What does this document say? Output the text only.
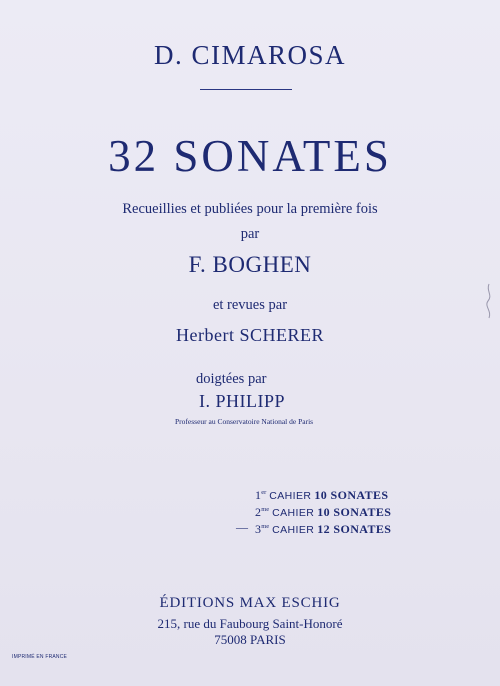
D. CIMAROSA
32 SONATES
Recueillies et publiées pour la première fois
par
F. BOGHEN
et revues par
Herbert SCHERER
doigtées par
I. PHILIPP
Professeur au Conservatoire National de Paris
1er CAHIER 10 SONATES
$2^{me}$ CAHIER 10 SONATES
— $3^{me}$ CAHIER 12 SONATES
ÉDITIONS MAX ESCHIG
215, rue du Faubourg Saint-Honoré
75008 PARIS
IMPRIMÉ EN FRANCE
